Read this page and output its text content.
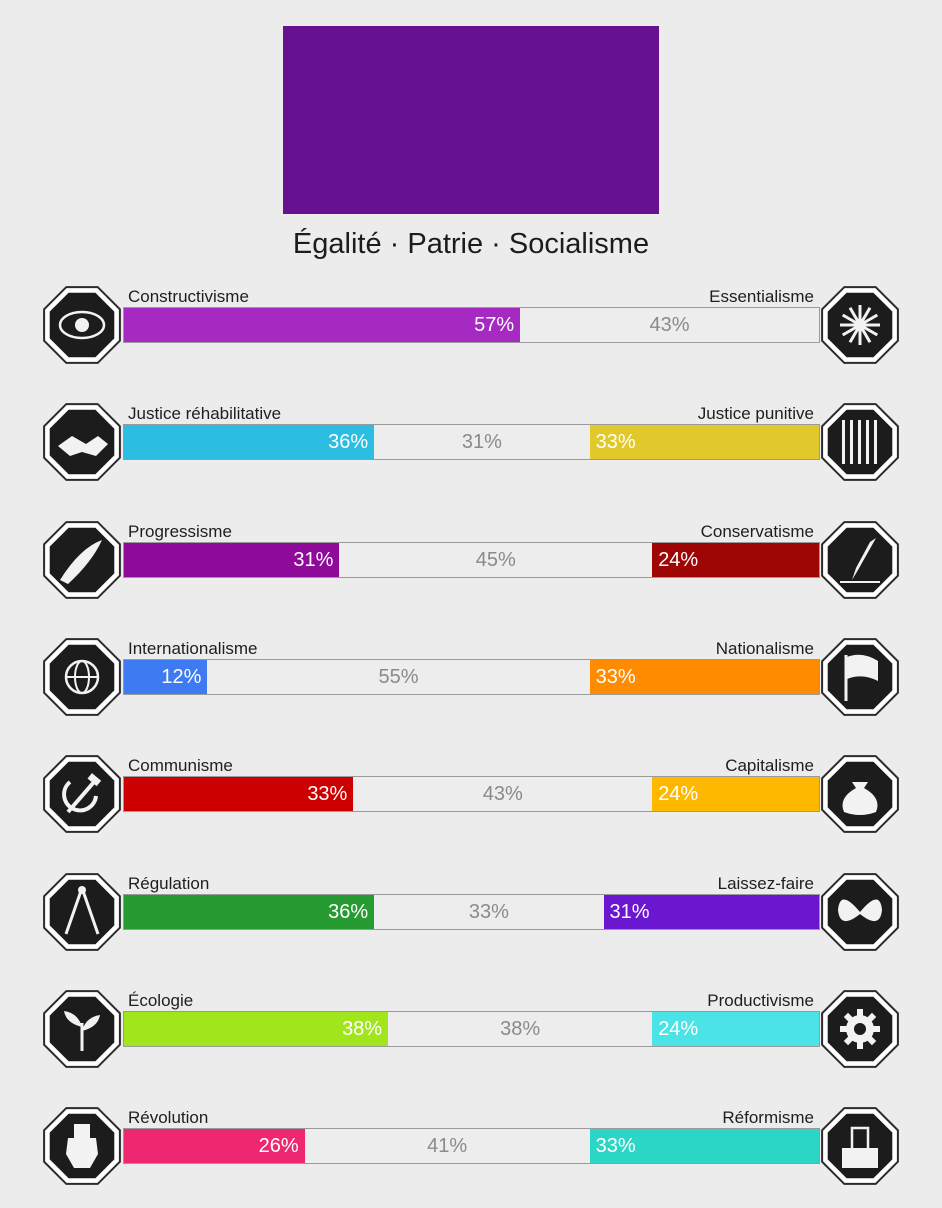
Égalité · Patrie · Socialisme
Constructivisme	Essentialisme
57%	43%
Justice réhabilitative	Justice punitive
36%	31%	33%
Progressisme	Conservatisme
31%	45%	24%
Internationalisme	Nationalisme
12%	55%	33%
Communisme	Capitalisme
33%	43%	24%
Régulation	Laissez-faire
36%	33%	31%
Écologie	Productivisme
38%	38%	24%
Révolution	Réformisme
26%	41%	33%
